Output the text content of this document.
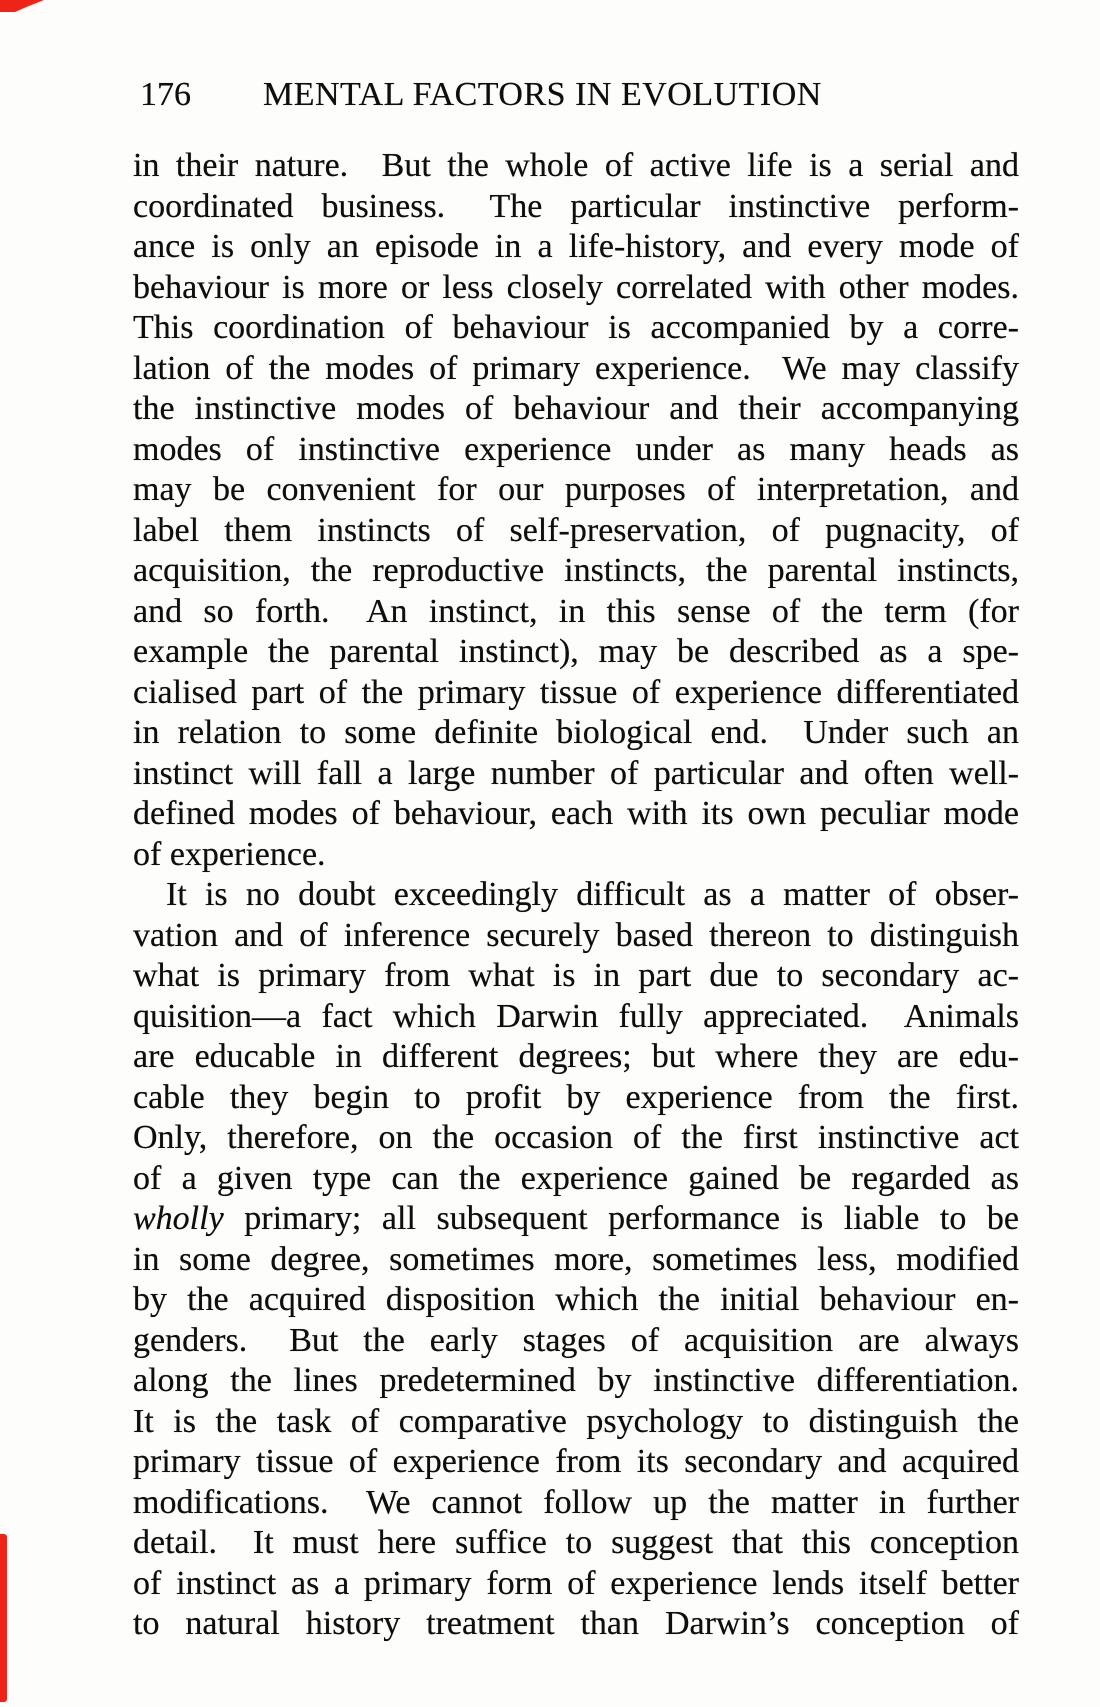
176 MENTAL FACTORS IN EVOLUTION
in their nature.  But the whole of active life is a serial and
coordinated business.  The particular instinctive perform-
ance is only an episode in a life-history, and every mode of
behaviour is more or less closely correlated with other modes.
This coordination of behaviour is accompanied by a corre-
lation of the modes of primary experience.  We may classify
the instinctive modes of behaviour and their accompanying
modes of instinctive experience under as many heads as
may be convenient for our purposes of interpretation, and
label them instincts of self-preservation, of pugnacity, of
acquisition, the reproductive instincts, the parental instincts,
and so forth.  An instinct, in this sense of the term (for
example the parental instinct), may be described as a spe-
cialised part of the primary tissue of experience differentiated
in relation to some definite biological end.  Under such an
instinct will fall a large number of particular and often well-
defined modes of behaviour, each with its own peculiar mode
of experience.
It is no doubt exceedingly difficult as a matter of obser-
vation and of inference securely based thereon to distinguish
what is primary from what is in part due to secondary ac-
quisition—a fact which Darwin fully appreciated.  Animals
are educable in different degrees; but where they are edu-
cable they begin to profit by experience from the first.
Only, therefore, on the occasion of the first instinctive act
of a given type can the experience gained be regarded as
wholly primary; all subsequent performance is liable to be
in some degree, sometimes more, sometimes less, modified
by the acquired disposition which the initial behaviour en-
genders.  But the early stages of acquisition are always
along the lines predetermined by instinctive differentiation.
It is the task of comparative psychology to distinguish the
primary tissue of experience from its secondary and acquired
modifications.  We cannot follow up the matter in further
detail.  It must here suffice to suggest that this conception
of instinct as a primary form of experience lends itself better
to natural history treatment than Darwin’s conception of
